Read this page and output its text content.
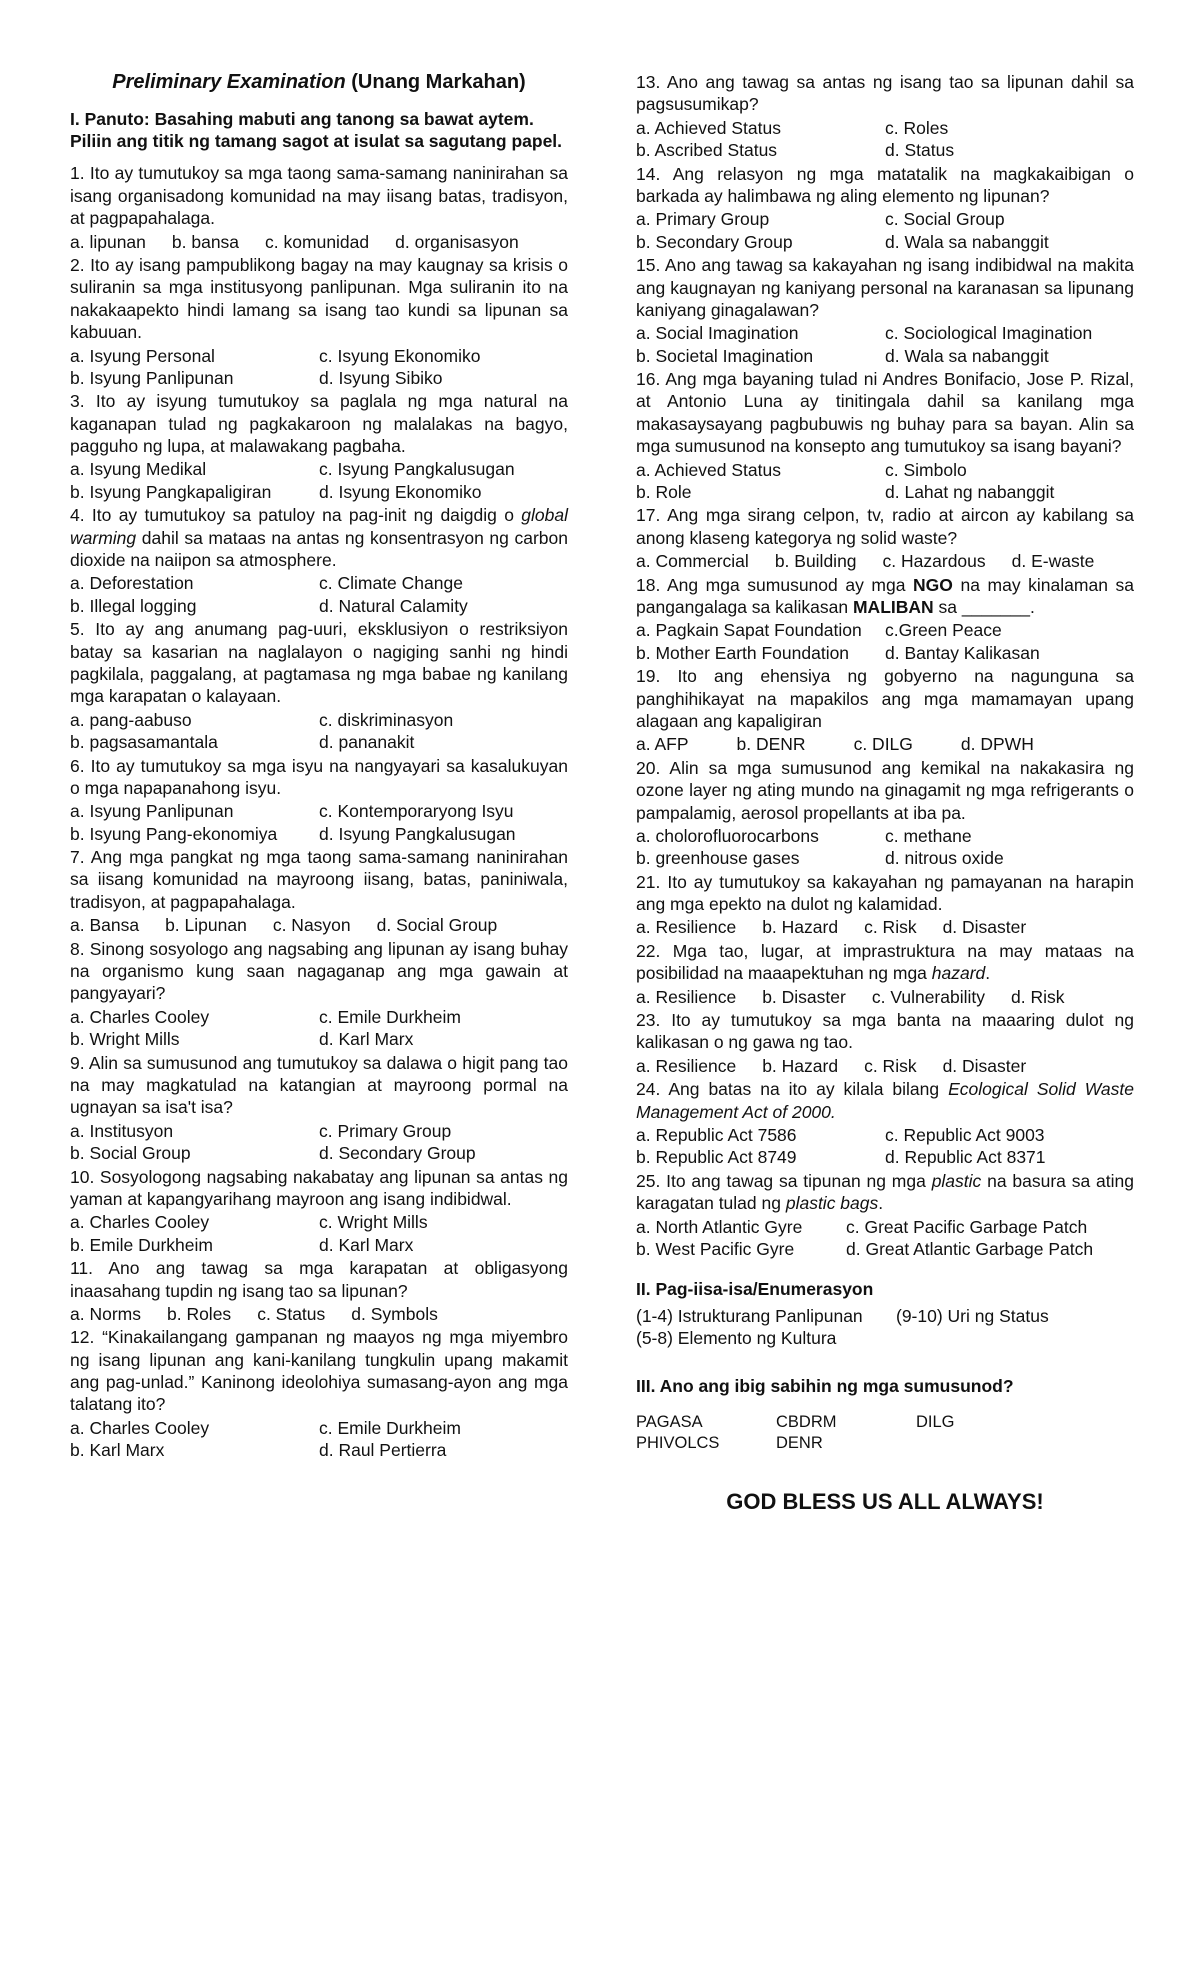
Preliminary Examination (Unang Markahan)
I. Panuto: Basahing mabuti ang tanong sa bawat aytem. Piliin ang titik ng tamang sagot at isulat sa sagutang papel.
1. Ito ay tumutukoy sa mga taong sama-samang naninirahan sa isang organisadong komunidad na may iisang batas, tradisyon, at pagpapahalaga.
a. lipunan b. bansa c. komunidad d. organisasyon
2. Ito ay isang pampublikong bagay na may kaugnay sa krisis o suliranin sa mga institusyong panlipunan. Mga suliranin ito na nakakaapekto hindi lamang sa isang tao kundi sa lipunan sa kabuuan.
a. Isyung Personal	c. Isyung Ekonomiko
b. Isyung Panlipunan	d. Isyung Sibiko
3. Ito ay isyung tumutukoy sa paglala ng mga natural na kaganapan tulad ng pagkakaroon ng malalakas na bagyo, pagguho ng lupa, at malawakang pagbaha.
a. Isyung Medikal	c. Isyung Pangkalusugan
b. Isyung Pangkapaligiran	d. Isyung Ekonomiko
4. Ito ay tumutukoy sa patuloy na pag-init ng daigdig o global warming dahil sa mataas na antas ng konsentrasyon ng carbon dioxide na naiipon sa atmosphere.
a. Deforestation	c. Climate Change
b. Illegal logging	d. Natural Calamity
5. Ito ay ang anumang pag-uuri, eksklusiyon o restriksiyon batay sa kasarian na naglalayon o nagiging sanhi ng hindi pagkilala, paggalang, at pagtamasa ng mga babae ng kanilang mga karapatan o kalayaan.
a. pang-aabuso	c. diskriminasyon
b. pagsasamantala	d. pananakit
6. Ito ay tumutukoy sa mga isyu na nangyayari sa kasalukuyan o mga napapanahong isyu.
a. Isyung Panlipunan	c. Kontemporaryong Isyu
b. Isyung Pang-ekonomiya	d. Isyung Pangkalusugan
7. Ang mga pangkat ng mga taong sama-samang naninirahan sa iisang komunidad na mayroong iisang, batas, paniniwala, tradisyon, at pagpapahalaga.
a. Bansa b. Lipunan c. Nasyon d. Social Group
8. Sinong sosyologo ang nagsabing ang lipunan ay isang buhay na organismo kung saan nagaganap ang mga gawain at pangyayari?
a. Charles Cooley	c. Emile Durkheim
b. Wright Mills	d. Karl Marx
9. Alin sa sumusunod ang tumutukoy sa dalawa o higit pang tao na may magkatulad na katangian at mayroong pormal na ugnayan sa isa't isa?
a. Institusyon	c. Primary Group
b. Social Group	d. Secondary Group
10. Sosyologong nagsabing nakabatay ang lipunan sa antas ng yaman at kapangyarihang mayroon ang isang indibidwal.
a. Charles Cooley	c. Wright Mills
b. Emile Durkheim	d. Karl Marx
11. Ano ang tawag sa mga karapatan at obligasyong inaasahang tupdin ng isang tao sa lipunan?
a. Norms b. Roles c. Status d. Symbols
12. “Kinakailangang gampanan ng maayos ng mga miyembro ng isang lipunan ang kani-kanilang tungkulin upang makamit ang pag-unlad.” Kaninong ideolohiya sumasang-ayon ang mga talatang ito?
a. Charles Cooley	c. Emile Durkheim
b. Karl Marx	d. Raul Pertierra
13. Ano ang tawag sa antas ng isang tao sa lipunan dahil sa pagsusumikap?
a. Achieved Status	c. Roles
b. Ascribed Status	d. Status
14. Ang relasyon ng mga matatalik na magkakaibigan o barkada ay halimbawa ng aling elemento ng lipunan?
a. Primary Group	c. Social Group
b. Secondary Group	d. Wala sa nabanggit
15. Ano ang tawag sa kakayahan ng isang indibidwal na makita ang kaugnayan ng kaniyang personal na karanasan sa lipunang kaniyang ginagalawan?
a. Social Imagination	c. Sociological Imagination
b. Societal Imagination	d. Wala sa nabanggit
16. Ang mga bayaning tulad ni Andres Bonifacio, Jose P. Rizal, at Antonio Luna ay tinitingala dahil sa kanilang mga makasaysayang pagbubuwis ng buhay para sa bayan. Alin sa mga sumusunod na konsepto ang tumutukoy sa isang bayani?
a. Achieved Status	c. Simbolo
b. Role	d. Lahat ng nabanggit
17. Ang mga sirang celpon, tv, radio at aircon ay kabilang sa anong klaseng kategorya ng solid waste?
a. Commercial b. Building c. Hazardous d. E-waste
18. Ang mga sumusunod ay mga NGO na may kinalaman sa pangangalaga sa kalikasan MALIBAN sa _______.
a. Pagkain Sapat Foundation	c.Green Peace
b. Mother Earth Foundation	d. Bantay Kalikasan
19. Ito ang ehensiya ng gobyerno na nagunguna sa panghihikayat na mapakilos ang mga mamamayan upang alagaan ang kapaligiran
a. AFP	b. DENR	c. DILG	d. DPWH
20. Alin sa mga sumusunod ang kemikal na nakakasira ng ozone layer ng ating mundo na ginagamit ng mga refrigerants o pampalamig, aerosol propellants at iba pa.
a. cholorofluorocarbons	c. methane
b. greenhouse gases	d. nitrous oxide
21. Ito ay tumutukoy sa kakayahan ng pamayanan na harapin ang mga epekto na dulot ng kalamidad.
a. Resilience b. Hazard c. Risk d. Disaster
22. Mga tao, lugar, at imprastruktura na may mataas na posibilidad na maaapektuhan ng mga hazard.
a. Resilience b. Disaster c. Vulnerability d. Risk
23. Ito ay tumutukoy sa mga banta na maaaring dulot ng kalikasan o ng gawa ng tao.
a. Resilience b. Hazard c. Risk d. Disaster
24. Ang batas na ito ay kilala bilang Ecological Solid Waste Management Act of 2000.
a. Republic Act 7586	c. Republic Act 9003
b. Republic Act 8749	d. Republic Act 8371
25. Ito ang tawag sa tipunan ng mga plastic na basura sa ating karagatan tulad ng plastic bags.
a. North Atlantic Gyre	c. Great Pacific Garbage Patch
b. West Pacific Gyre	d. Great Atlantic Garbage Patch
II. Pag-iisa-isa/Enumerasyon
(1-4) Istrukturang Panlipunan	(9-10) Uri ng Status
(5-8) Elemento ng Kultura
III. Ano ang ibig sabihin ng mga sumusunod?
PAGASA	CBDRM	DILG
PHIVOLCS	DENR
GOD BLESS US ALL ALWAYS!
